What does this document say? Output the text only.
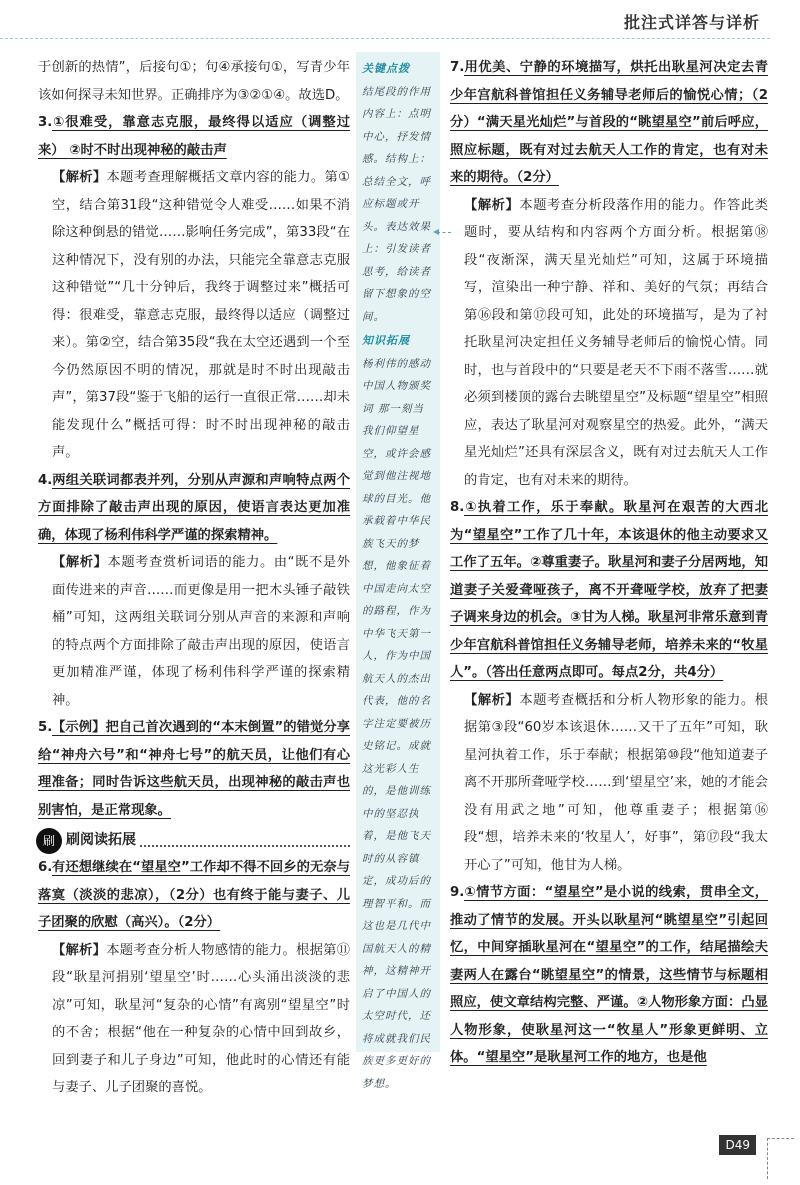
批注式详答与详析

于创新的热情”，后接句①；句④承接句①，写青少年该如何探寻未知世界。正确排序为③②①④。故选D。

3.①很难受，靠意志克服，最终得以适应（调整过来） ②时不时出现神秘的敲击声

【解析】本题考查理解概括文章内容的能力。第①空，结合第31段“这种错觉令人难受……如果不消除这种倒悬的错觉……影响任务完成”，第33段“在这种情况下，没有别的办法，只能完全靠意志克服这种错觉”“几十分钟后，我终于调整过来”概括可得：很难受，靠意志克服，最终得以适应（调整过来）。第②空，结合第35段“我在太空还遇到一个至今仍然原因不明的情况，那就是时不时出现敲击声”，第37段“鉴于飞船的运行一直很正常……却未能发现什么”概括可得：时不时出现神秘的敲击声。

4.两组关联词都表并列，分别从声源和声响特点两个方面排除了敲击声出现的原因，使语言表达更加准确，体现了杨利伟科学严谨的探索精神。

【解析】本题考查赏析词语的能力。由“既不是外面传进来的声音……而更像是用一把木头锤子敲铁桶”可知，这两组关联词分别从声音的来源和声响的特点两个方面排除了敲击声出现的原因，使语言更加精准严谨，体现了杨利伟科学严谨的探索精神。

5.【示例】把自己首次遇到的“本末倒置”的错觉分享给“神舟六号”和“神舟七号”的航天员，让他们有心理准备；同时告诉这些航天员，出现神秘的敲击声也别害怕，是正常现象。

刷 刷阅读拓展

6.有还想继续在“望星空”工作却不得不回乡的无奈与落寞（淡淡的悲凉），（2分）也有终于能与妻子、儿子团聚的欣慰（高兴）。（2分）

【解析】本题考查分析人物感情的能力。根据第⑪段“耿星河捐别‘望星空’时……心头涌出淡淡的悲凉”可知，耿星河“复杂的心情”有离别“望星空”时的不舍；根据“他在一种复杂的心情中回到故乡，回到妻子和儿子身边”可知，他此时的心情还有能与妻子、儿子团聚的喜悦。

关键点拨
结尾段的作用内容上：点明中心，抒发情感。结构上：总结全文，呼应标题或开头。表达效果上：引发读者思考，给读者留下想象的空间。
知识拓展
杨利伟的感动中国人物颁奖词 那一刻当我们仰望星空，或许会感觉到他注视地球的目光。他承载着中华民族飞天的梦想，他象征着中国走向太空的路程，作为中华飞天第一人，作为中国航天人的杰出代表，他的名字注定要被历史铭记。成就这光彩人生的，是他训练中的坚忍执着，是他飞天时的从容镇定，成功后的理智平和。而这也是几代中国航天人的精神，这精神开启了中国人的太空时代，还将成就我们民族更多更好的梦想。

7.用优美、宁静的环境描写，烘托出耿星河决定去青少年宫航科普馆担任义务辅导老师后的愉悦心情；（2分）“满天星光灿烂”与首段的“眺望星空”前后呼应，照应标题，既有对过去航天人工作的肯定，也有对未来的期待。（2分）

【解析】本题考查分析段落作用的能力。作答此类题时，要从结构和内容两个方面分析。根据第⑱段“夜渐深，满天星光灿烂”可知，这属于环境描写，渲染出一种宁静、祥和、美好的气氛；再结合第⑯段和第⑰段可知，此处的环境描写，是为了衬托耿星河决定担任义务辅导老师后的愉悦心情。同时，也与首段中的“只要是老天不下雨不落雪……就必须到楼顶的露台去眺望星空”及标题“望星空”相照应，表达了耿星河对观察星空的热爱。此外，“满天星光灿烂”还具有深层含义，既有对过去航天人工作的肯定，也有对未来的期待。

8.①执着工作，乐于奉献。耿星河在艰苦的大西北为“望星空”工作了几十年，本该退休的他主动要求又工作了五年。②尊重妻子。耿星河和妻子分居两地，知道妻子关爱聋哑孩子，离不开聋哑学校，放弃了把妻子调来身边的机会。③甘为人梯。耿星河非常乐意到青少年宫航科普馆担任义务辅导老师，培养未来的“牧星人”。（答出任意两点即可。每点2分，共4分）

【解析】本题考查概括和分析人物形象的能力。根据第③段“60岁本该退休……又干了五年”可知，耿星河执着工作，乐于奉献；根据第⑩段“他知道妻子离不开那所聋哑学校……到‘望星空’来，她的才能会没有用武之地”可知，他尊重妻子；根据第⑯段“想，培养未来的‘牧星人’，好事”，第⑰段“我太开心了”可知，他甘为人梯。

9.①情节方面：“望星空”是小说的线索，贯串全文，推动了情节的发展。开头以耿星河“眺望星空”引起回忆，中间穿插耿星河在“望星空”的工作，结尾描绘夫妻两人在露台“眺望星空”的情景，这些情节与标题相照应，使文章结构完整、严谨。②人物形象方面：凸显人物形象，使耿星河这一“牧星人”形象更鲜明、立体。“望星空”是耿星河工作的地方，也是他

D49
